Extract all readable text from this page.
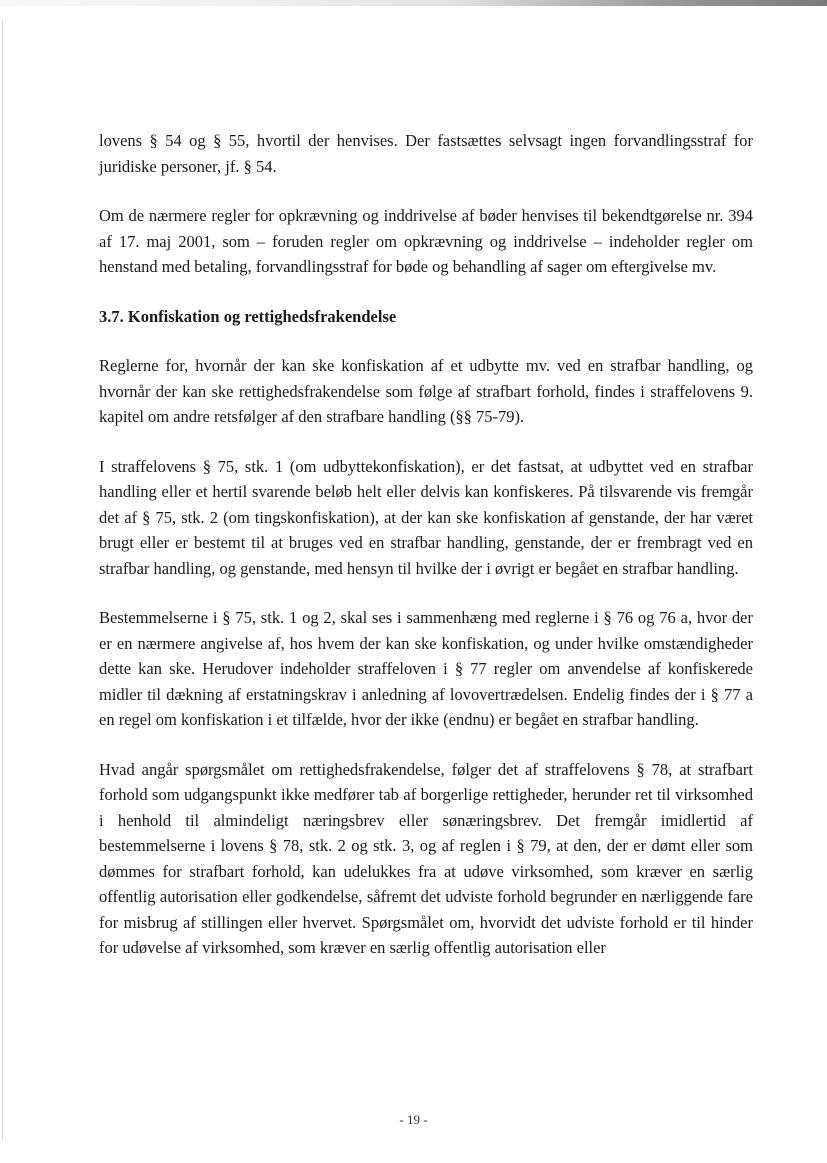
lovens § 54 og § 55, hvortil der henvises. Der fastsættes selvsagt ingen forvandlingsstraf for juridiske personer, jf. § 54.

Om de nærmere regler for opkrævning og inddrivelse af bøder henvises til bekendtgørelse nr. 394 af 17. maj 2001, som – foruden regler om opkrævning og inddrivelse – indeholder regler om henstand med betaling, forvandlingsstraf for bøde og behandling af sager om eftergivelse mv.

3.7. Konfiskation og rettighedsfrakendelse

Reglerne for, hvornår der kan ske konfiskation af et udbytte mv. ved en strafbar handling, og hvornår der kan ske rettighedsfrakendelse som følge af strafbart forhold, findes i straffelovens 9. kapitel om andre retsfølger af den strafbare handling (§§ 75-79).

I straffelovens § 75, stk. 1 (om udbyttekonfiskation), er det fastsat, at udbyttet ved en strafbar handling eller et hertil svarende beløb helt eller delvis kan konfiskeres. På tilsvarende vis fremgår det af § 75, stk. 2 (om tingskonfiskation), at der kan ske konfiskation af genstande, der har været brugt eller er bestemt til at bruges ved en strafbar handling, genstande, der er frembragt ved en strafbar handling, og genstande, med hensyn til hvilke der i øvrigt er begået en strafbar handling.

Bestemmelserne i § 75, stk. 1 og 2, skal ses i sammenhæng med reglerne i § 76 og 76 a, hvor der er en nærmere angivelse af, hos hvem der kan ske konfiskation, og under hvilke omstændigheder dette kan ske. Herudover indeholder straffeloven i § 77 regler om anvendelse af konfiskerede midler til dækning af erstatningskrav i anledning af lovovertrædelsen. Endelig findes der i § 77 a en regel om konfiskation i et tilfælde, hvor der ikke (endnu) er begået en strafbar handling.

Hvad angår spørgsmålet om rettighedsfrakendelse, følger det af straffelovens § 78, at strafbart forhold som udgangspunkt ikke medfører tab af borgerlige rettigheder, herunder ret til virksomhed i henhold til almindeligt næringsbrev eller sønæringsbrev. Det fremgår imidlertid af bestemmelserne i lovens § 78, stk. 2 og stk. 3, og af reglen i § 79, at den, der er dømt eller som dømmes for strafbart forhold, kan udelukkes fra at udøve virksomhed, som kræver en særlig offentlig autorisation eller godkendelse, såfremt det udviste forhold begrunder en nærliggende fare for misbrug af stillingen eller hvervet. Spørgsmålet om, hvorvidt det udviste forhold er til hinder for udøvelse af virksomhed, som kræver en særlig offentlig autorisation eller

- 19 -
